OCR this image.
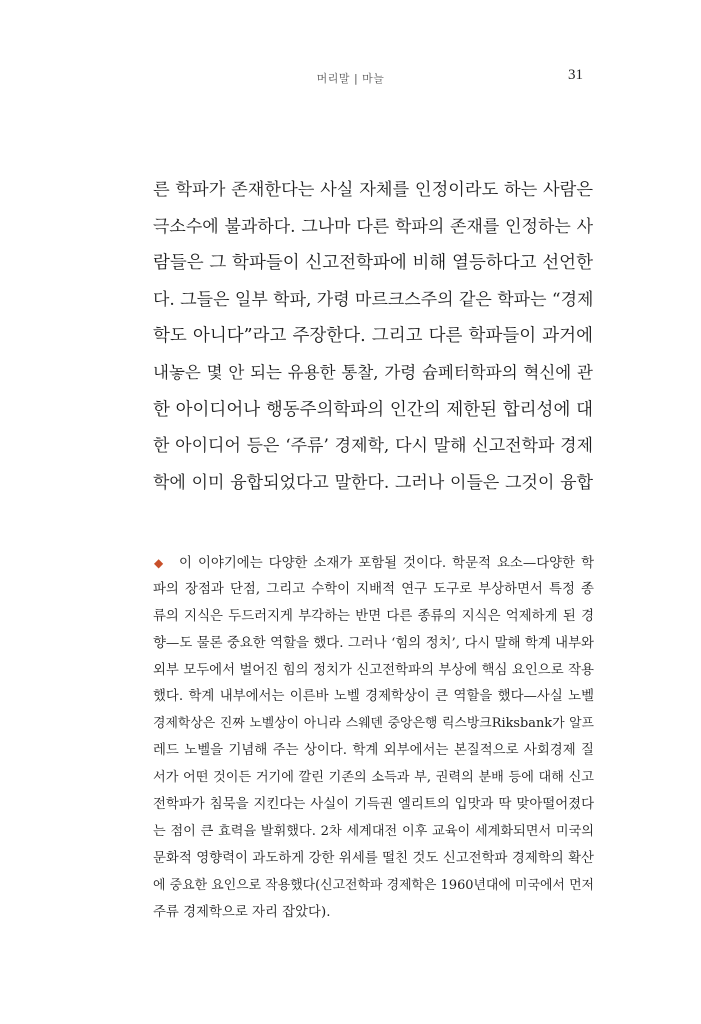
머리말 | 마늘	31
른 학파가 존재한다는 사실 자체를 인정이라도 하는 사람은
극소수에 불과하다. 그나마 다른 학파의 존재를 인정하는 사
람들은 그 학파들이 신고전학파에 비해 열등하다고 선언한
다. 그들은 일부 학파, 가령 마르크스주의 같은 학파는 “경제
학도 아니다”라고 주장한다. 그리고 다른 학파들이 과거에
내놓은 몇 안 되는 유용한 통찰, 가령 슘페터학파의 혁신에 관
한 아이디어나 행동주의학파의 인간의 제한된 합리성에 대
한 아이디어 등은 ‘주류’ 경제학, 다시 말해 신고전학파 경제
학에 이미 융합되었다고 말한다. 그러나 이들은 그것이 융합
◆ 이 이야기에는 다양한 소재가 포함될 것이다. 학문적 요소—다양한 학
파의 장점과 단점, 그리고 수학이 지배적 연구 도구로 부상하면서 특정 종
류의 지식은 두드러지게 부각하는 반면 다른 종류의 지식은 억제하게 된 경
향—도 물론 중요한 역할을 했다. 그러나 ‘힘의 정치’, 다시 말해 학계 내부와
외부 모두에서 벌어진 힘의 정치가 신고전학파의 부상에 핵심 요인으로 작용
했다. 학계 내부에서는 이른바 노벨 경제학상이 큰 역할을 했다—사실 노벨
경제학상은 진짜 노벨상이 아니라 스웨덴 중앙은행 릭스방크Riksbank가 알프
레드 노벨을 기념해 주는 상이다. 학계 외부에서는 본질적으로 사회경제 질
서가 어떤 것이든 거기에 깔린 기존의 소득과 부, 권력의 분배 등에 대해 신고
전학파가 침묵을 지킨다는 사실이 기득권 엘리트의 입맛과 딱 맞아떨어졌다
는 점이 큰 효력을 발휘했다. 2차 세계대전 이후 교육이 세계화되면서 미국의
문화적 영향력이 과도하게 강한 위세를 떨친 것도 신고전학파 경제학의 확산
에 중요한 요인으로 작용했다(신고전학파 경제학은 1960년대에 미국에서 먼저
주류 경제학으로 자리 잡았다).
